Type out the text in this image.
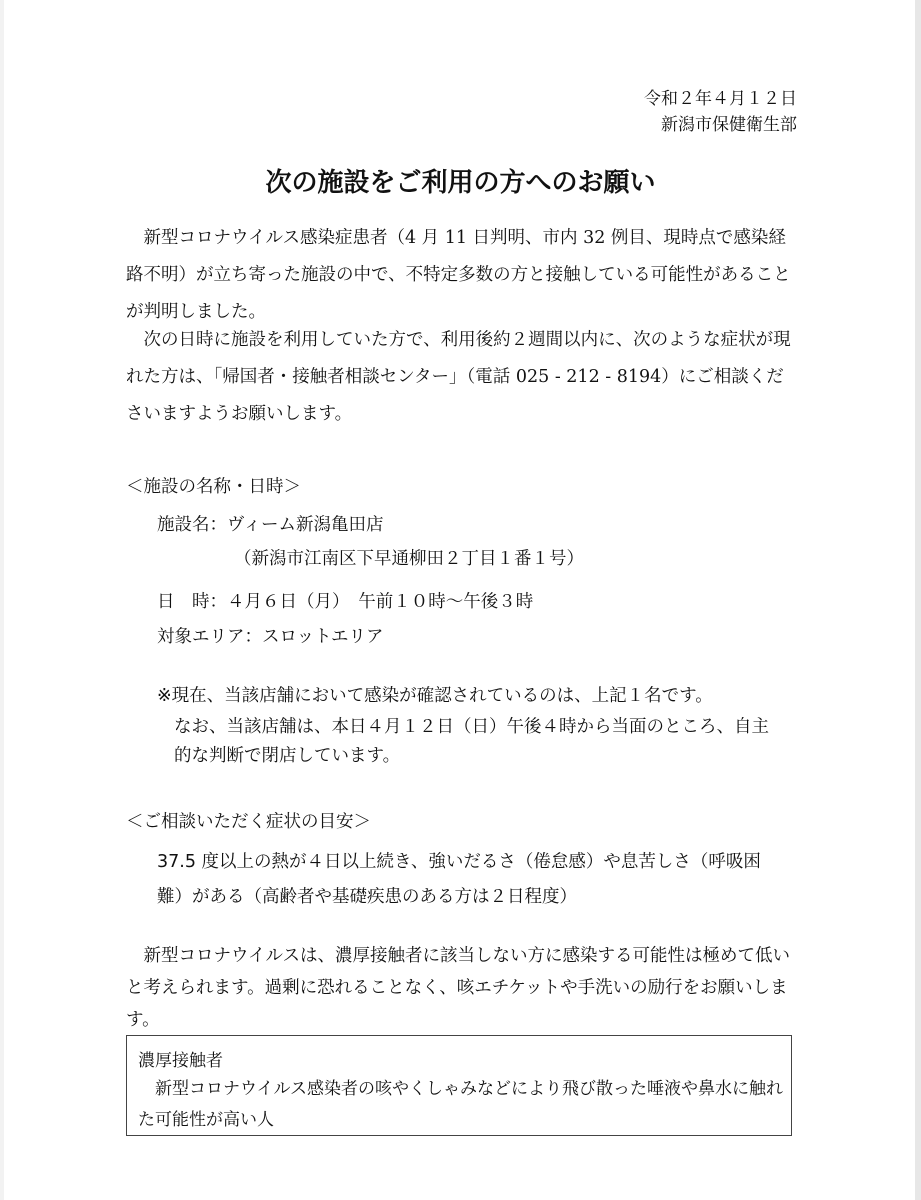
令和２年４月１２日
新潟市保健衛生部
次の施設をご利用の方へのお願い
新型コロナウイルス感染症患者（4 月 11 日判明、市内 32 例目、現時点で感染経路不明）が立ち寄った施設の中で、不特定多数の方と接触している可能性があることが判明しました。
次の日時に施設を利用していた方で、利用後約２週間以内に、次のような症状が現れた方は、「帰国者・接触者相談センター」（電話 025 - 212 - 8194）にご相談くださいますようお願いします。
＜施設の名称・日時＞
施設名：ヴィーム新潟亀田店
（新潟市江南区下早通柳田２丁目１番１号）
日　時：４月６日（月）　午前１０時～午後３時
対象エリア：スロットエリア
※現在、当該店舗において感染が確認されているのは、上記１名です。
なお、当該店舗は、本日４月１２日（日）午後４時から当面のところ、自主
的な判断で閉店しています。
＜ご相談いただく症状の目安＞
37.5 度以上の熱が４日以上続き、強いだるさ（倦怠感）や息苦しさ（呼吸困
難）がある（高齢者や基礎疾患のある方は２日程度）
新型コロナウイルスは、濃厚接触者に該当しない方に感染する可能性は極めて低いと考えられます。過剰に恐れることなく、咳エチケットや手洗いの励行をお願いします。
濃厚接触者
新型コロナウイルス感染者の咳やくしゃみなどにより飛び散った唾液や鼻水に触れた可能性が高い人
